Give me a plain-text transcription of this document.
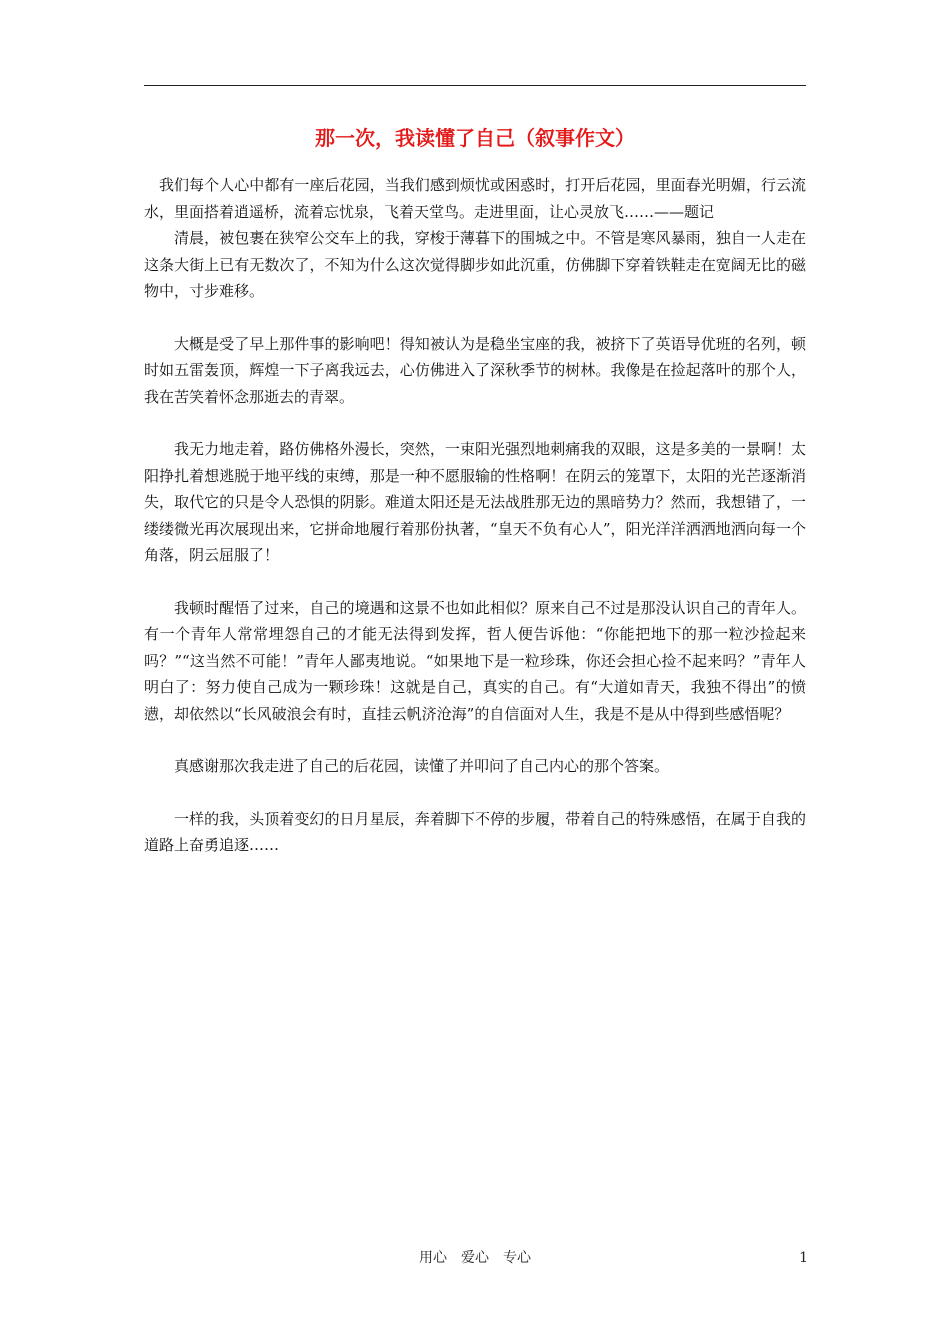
那一次，我读懂了自己（叙事作文）

我们每个人心中都有一座后花园，当我们感到烦忧或困惑时，打开后花园，里面春光明媚，行云流水，里面搭着逍遥桥，流着忘忧泉，飞着天堂鸟。走进里面，让心灵放飞……——题记

清晨，被包裹在狭窄公交车上的我，穿梭于薄暮下的围城之中。不管是寒风暴雨，独自一人走在这条大街上已有无数次了，不知为什么这次觉得脚步如此沉重，仿佛脚下穿着铁鞋走在宽阔无比的磁物中，寸步难移。

大概是受了早上那件事的影响吧！得知被认为是稳坐宝座的我，被挤下了英语导优班的名列，顿时如五雷轰顶，辉煌一下子离我远去，心仿佛进入了深秋季节的树林。我像是在捡起落叶的那个人，我在苦笑着怀念那逝去的青翠。

我无力地走着，路仿佛格外漫长，突然，一束阳光强烈地刺痛我的双眼，这是多美的一景啊！太阳挣扎着想逃脱于地平线的束缚，那是一种不愿服输的性格啊！在阴云的笼罩下，太阳的光芒逐渐消失，取代它的只是令人恐惧的阴影。难道太阳还是无法战胜那无边的黑暗势力？然而，我想错了，一缕缕微光再次展现出来，它拼命地履行着那份执著，“皇天不负有心人”，阳光洋洋洒洒地洒向每一个角落，阴云屈服了！

我顿时醒悟了过来，自己的境遇和这景不也如此相似？原来自己不过是那没认识自己的青年人。有一个青年人常常埋怨自己的才能无法得到发挥，哲人便告诉他：“你能把地下的那一粒沙捡起来吗？”“这当然不可能！”青年人鄙夷地说。“如果地下是一粒珍珠，你还会担心捡不起来吗？”青年人明白了：努力使自己成为一颗珍珠！这就是自己，真实的自己。有“大道如青天，我独不得出”的愤懑，却依然以“长风破浪会有时，直挂云帆济沧海”的自信面对人生，我是不是从中得到些感悟呢？

真感谢那次我走进了自己的后花园，读懂了并叩问了自己内心的那个答案。

一样的我，头顶着变幻的日月星辰，奔着脚下不停的步履，带着自己的特殊感悟，在属于自我的道路上奋勇追逐……

用心　爱心　专心	1
